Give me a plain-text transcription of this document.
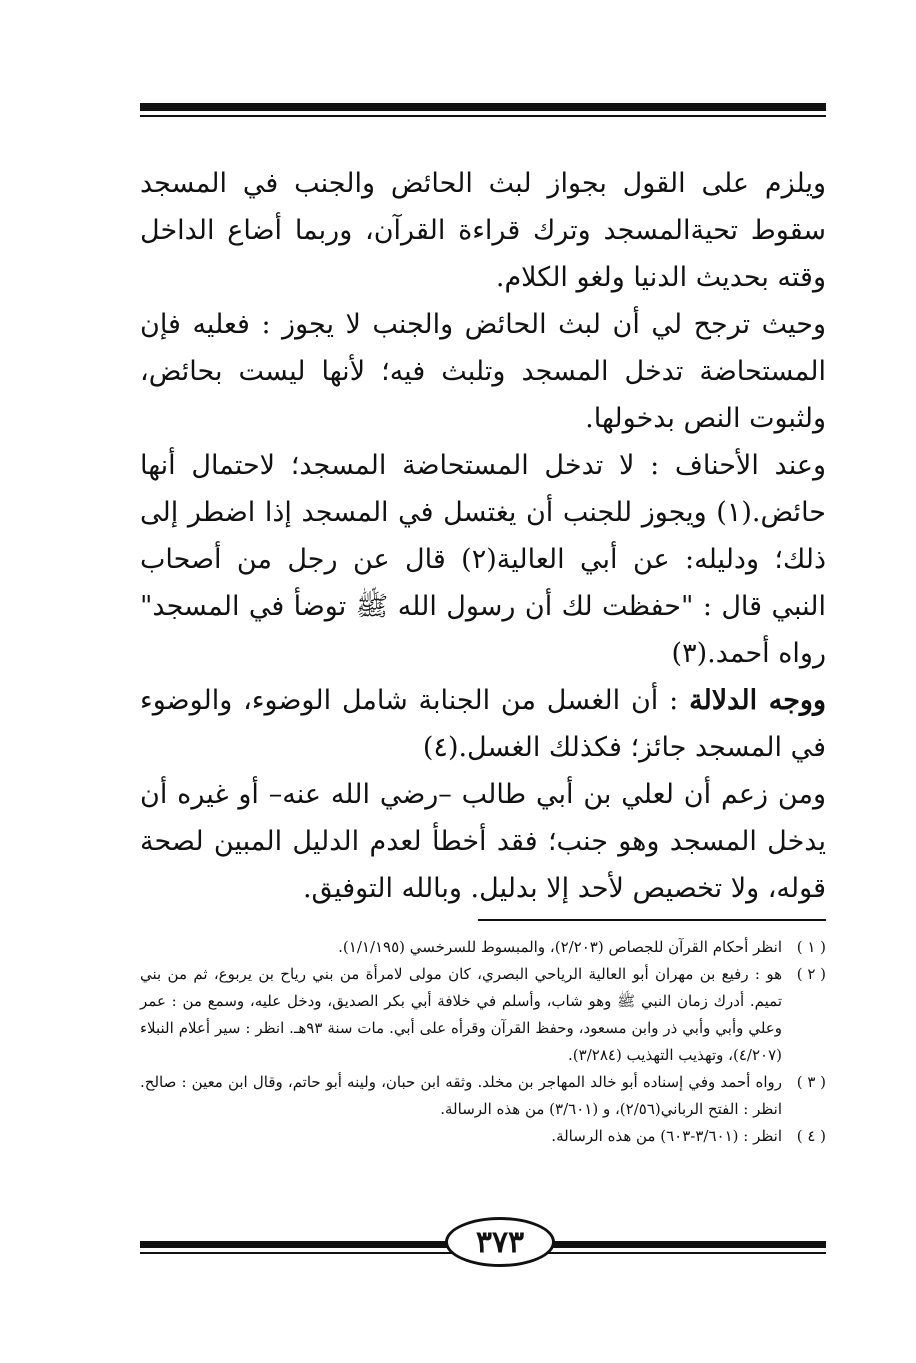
ويلزم على القول بجواز لبث الحائض والجنب في المسجد سقوط تحيةالمسجد وترك قراءة القرآن، وربما أضاع الداخل وقته بحديث الدنيا ولغو الكلام.

وحيث ترجح لي أن لبث الحائض والجنب لا يجوز : فعليه فإن المستحاضة تدخل المسجد وتلبث فيه؛ لأنها ليست بحائض، ولثبوت النص بدخولها.

وعند الأحناف : لا تدخل المستحاضة المسجد؛ لاحتمال أنها حائض.(١) ويجوز للجنب أن يغتسل في المسجد إذا اضطر إلى ذلك؛ ودليله: عن أبي العالية(٢) قال عن رجل من أصحاب النبي قال : "حفظت لك أن رسول الله ﷺ توضأ في المسجد" رواه أحمد.(٣)

ووجه الدلالة : أن الغسل من الجنابة شامل الوضوء، والوضوء في المسجد جائز؛ فكذلك الغسل.(٤)

ومن زعم أن لعلي بن أبي طالب –رضي الله عنه– أو غيره أن يدخل المسجد وهو جنب؛ فقد أخطأ لعدم الدليل المبين لصحة قوله، ولا تخصيص لأحد إلا بدليل. وبالله التوفيق.

( ١ )
انظر أحكام القرآن للجصاص (٢/٢٠٣)، والمبسوط للسرخسي (١/١/١٩٥).
( ٢ )
هو : رفيع بن مهران أبو العالية الرياحي البصري، كان مولى لامرأة من بني رياح بن يربوع، ثم من بني تميم. أدرك زمان النبي ﷺ وهو شاب، وأسلم في خلافة أبي بكر الصديق، ودخل عليه، وسمع من : عمر وعلي وأبي وأبي ذر وابن مسعود، وحفظ القرآن وقرأه على أبي. مات سنة ٩٣هـ. انظر : سير أعلام النبلاء (٤/٢٠٧)، وتهذيب التهذيب (٣/٢٨٤).
( ٣ )
رواه أحمد وفي إسناده أبو خالد المهاجر بن مخلد. وثقه ابن حبان، ولينه أبو حاتم، وقال ابن معين : صالح. انظر : الفتح الرباني(٢/٥٦)، و (٣/٦٠١) من هذه الرسالة.
( ٤ )
انظر : (٣/٦٠١-٦٠٣) من هذه الرسالة.
٣٧٣
